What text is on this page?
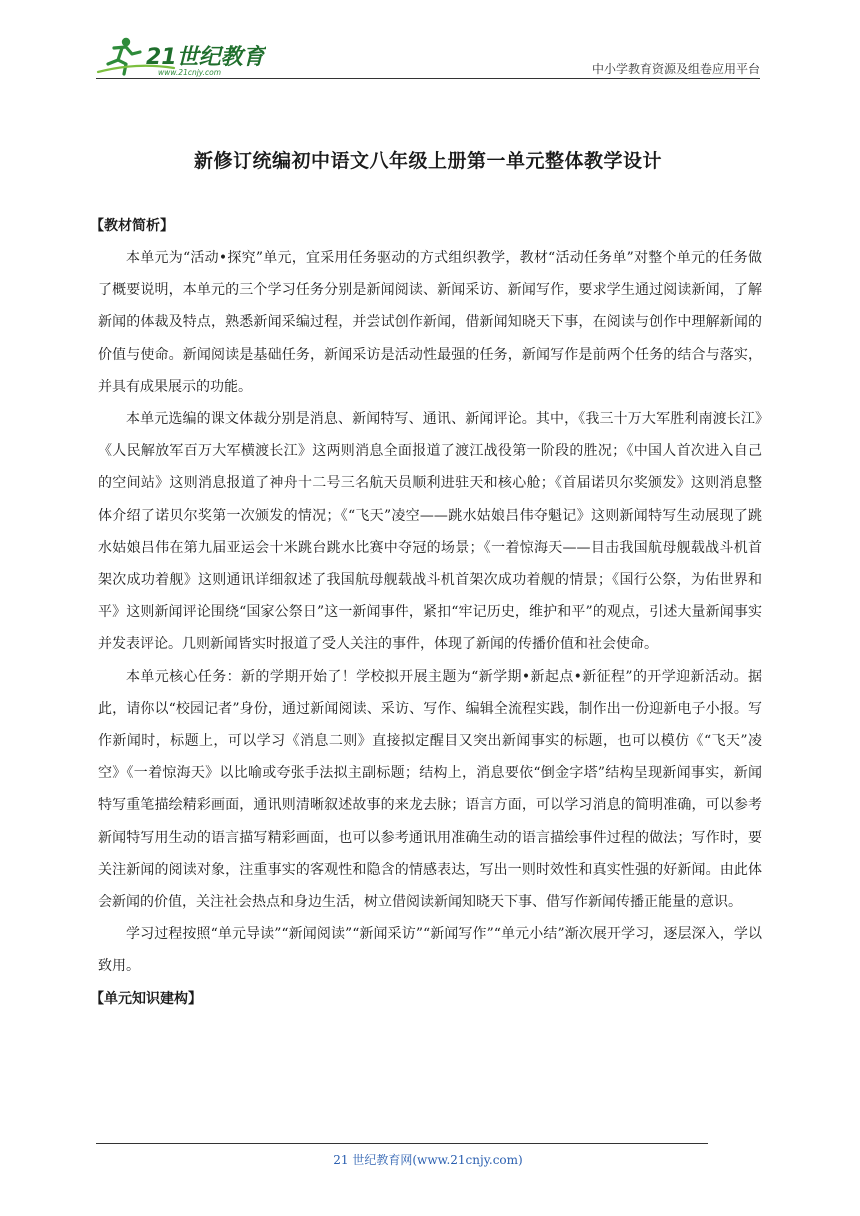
21世纪教育
www.21cnjy.com	中小学教育资源及组卷应用平台
新修订统编初中语文八年级上册第一单元整体教学设计
【教材简析】

本单元为“活动•探究”单元，宜采用任务驱动的方式组织教学，教材“活动任务单”对整个单元的任务做了概要说明，本单元的三个学习任务分别是新闻阅读、新闻采访、新闻写作，要求学生通过阅读新闻，了解新闻的体裁及特点，熟悉新闻采编过程，并尝试创作新闻，借新闻知晓天下事，在阅读与创作中理解新闻的价值与使命。新闻阅读是基础任务，新闻采访是活动性最强的任务，新闻写作是前两个任务的结合与落实，并具有成果展示的功能。

本单元选编的课文体裁分别是消息、新闻特写、通讯、新闻评论。其中，《我三十万大军胜利南渡长江》《人民解放军百万大军横渡长江》这两则消息全面报道了渡江战役第一阶段的胜况；《中国人首次进入自己的空间站》这则消息报道了神舟十二号三名航天员顺利进驻天和核心舱；《首届诺贝尔奖颁发》这则消息整体介绍了诺贝尔奖第一次颁发的情况；《“飞天”凌空——跳水姑娘吕伟夺魁记》这则新闻特写生动展现了跳水姑娘吕伟在第九届亚运会十米跳台跳水比赛中夺冠的场景；《一着惊海天——目击我国航母舰载战斗机首架次成功着舰》这则通讯详细叙述了我国航母舰载战斗机首架次成功着舰的情景；《国行公祭，为佑世界和平》这则新闻评论围绕“国家公祭日”这一新闻事件，紧扣“牢记历史，维护和平”的观点，引述大量新闻事实并发表评论。几则新闻皆实时报道了受人关注的事件，体现了新闻的传播价值和社会使命。

本单元核心任务：新的学期开始了！学校拟开展主题为“新学期•新起点•新征程”的开学迎新活动。据此，请你以“校园记者”身份，通过新闻阅读、采访、写作、编辑全流程实践，制作出一份迎新电子小报。写作新闻时，标题上，可以学习《消息二则》直接拟定醒目又突出新闻事实的标题，也可以模仿《“飞天”凌空》《一着惊海天》以比喻或夸张手法拟主副标题；结构上，消息要依“倒金字塔”结构呈现新闻事实，新闻特写重笔描绘精彩画面，通讯则清晰叙述故事的来龙去脉；语言方面，可以学习消息的简明准确，可以参考新闻特写用生动的语言描写精彩画面，也可以参考通讯用准确生动的语言描绘事件过程的做法；写作时，要关注新闻的阅读对象，注重事实的客观性和隐含的情感表达，写出一则时效性和真实性强的好新闻。由此体会新闻的价值，关注社会热点和身边生活，树立借阅读新闻知晓天下事、借写作新闻传播正能量的意识。

学习过程按照“单元导读”“新闻阅读”“新闻采访”“新闻写作”“单元小结”渐次展开学习，逐层深入，学以致用。

【单元知识建构】
21 世纪教育网(www.21cnjy.com)
